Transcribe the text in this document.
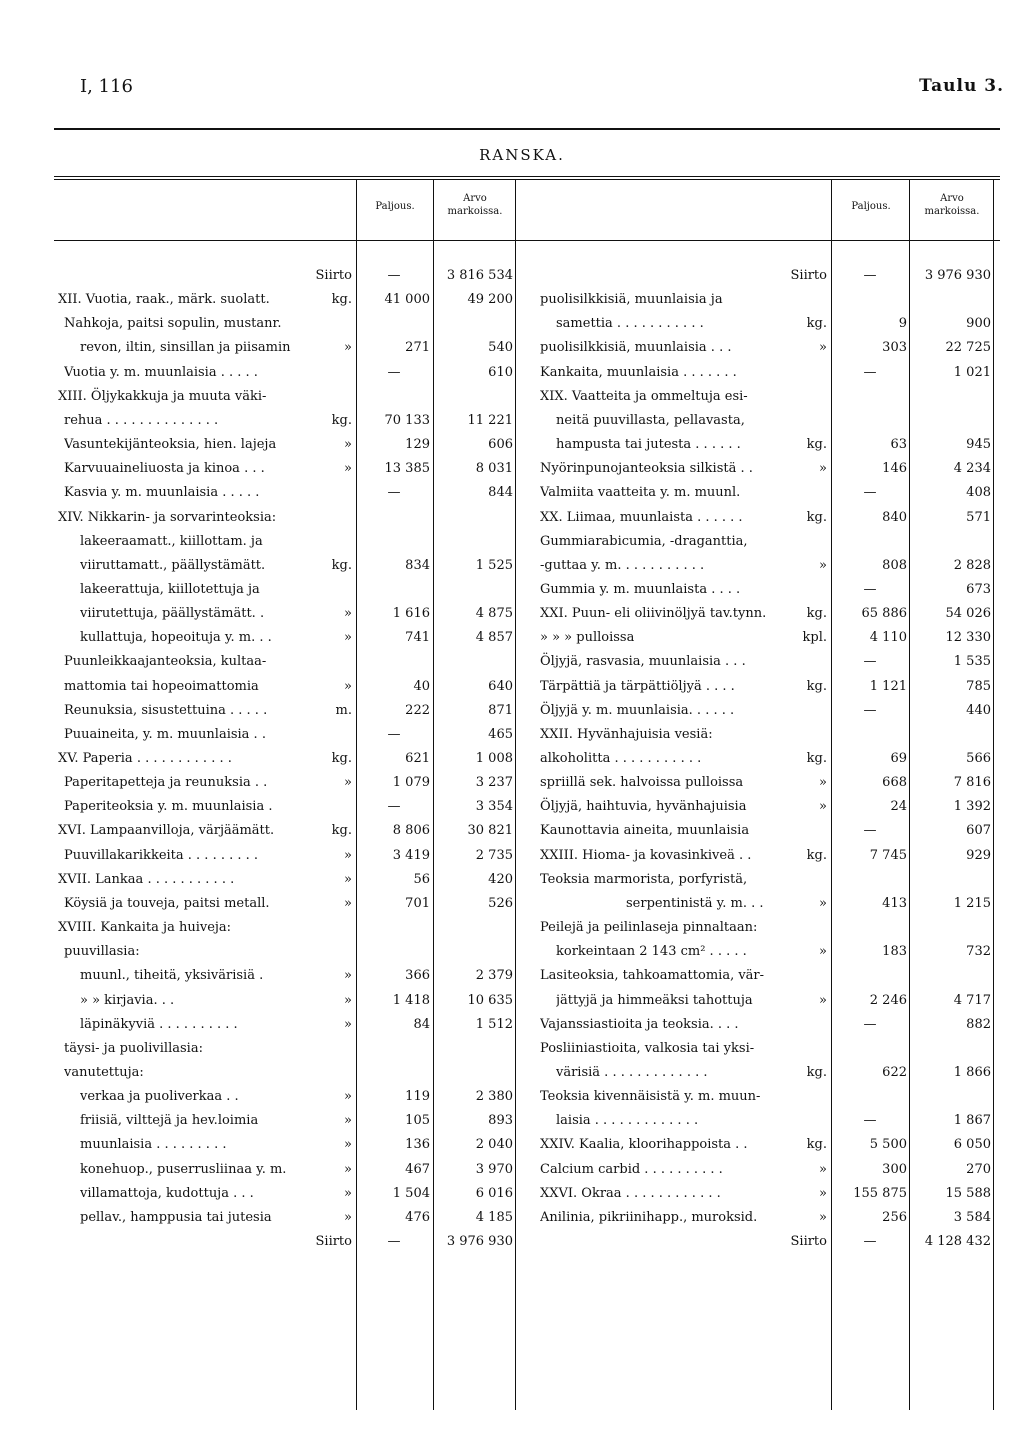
I, 116	Taulu 3.
RANSKA.
Paljous.
Arvo
markoissa.	Paljous.
Arvo
markoissa.
Siirto	—	3 816 534
XII. Vuotia, raak., märk. suolatt.	kg.	41 000	49 200
Nahkoja, paitsi sopulin, mustanr.
revon, iltin, sinsillan ja piisamin	»	271	540
Vuotia y. m. muunlaisia . . . . .	—	610
XIII. Öljykakkuja ja muuta väki-
rehua . . . . . . . . . . . . . .	kg.	70 133	11 221
Vasuntekijänteoksia, hien. lajeja	»	129	606
Karvuuaineliuosta ja kinoa . . .	»	13 385	8 031
Kasvia y. m. muunlaisia . . . . .	—	844
XIV. Nikkarin- ja sorvarinteoksia:
lakeeraamatt., kiillottam. ja
viiruttamatt., päällystämätt.	kg.	834	1 525
lakeerattuja, kiillotettuja ja
viirutettuja, päällystämätt. .	»	1 616	4 875
kullattuja, hopeoituja y. m. . .	»	741	4 857
Puunleikkaajanteoksia, kultaa-
mattomia tai hopeoimattomia	»	40	640
Reunuksia, sisustettuina . . . . .	m.	222	871
Puuaineita, y. m. muunlaisia . .	—	465
XV. Paperia . . . . . . . . . . . .	kg.	621	1 008
Paperitapetteja ja reunuksia . .	»	1 079	3 237
Paperiteoksia y. m. muunlaisia .	—	3 354
XVI. Lampaanvilloja, värjäämätt.	kg.	8 806	30 821
Puuvillakarikkeita . . . . . . . . .	»	3 419	2 735
XVII. Lankaa . . . . . . . . . . .	»	56	420
Köysiä ja touveja, paitsi metall.	»	701	526
XVIII. Kankaita ja huiveja:
puuvillasia:
muunl., tiheitä, yksivärisiä .	»	366	2 379
» » kirjavia. . .	»	1 418	10 635
läpinäkyviä . . . . . . . . . .	»	84	1 512
täysi- ja puolivillasia:
vanutettuja:
verkaa ja puoliverkaa . .	»	119	2 380
friisiä, vilttejä ja hev.loimia	»	105	893
muunlaisia . . . . . . . . .	»	136	2 040
konehuop., puserrusliinaa y. m.	»	467	3 970
villamattoja, kudottuja . . .	»	1 504	6 016
pellav., hamppusia tai jutesia	»	476	4 185
Siirto	—	3 976 930
Siirto	—	3 976 930
puolisilkkisiä, muunlaisia ja
samettia . . . . . . . . . . .	kg.	9	900
puolisilkkisiä, muunlaisia . . .	»	303	22 725
Kankaita, muunlaisia . . . . . . .	—	1 021
XIX. Vaatteita ja ommeltuja esi-
neitä puuvillasta, pellavasta,
hampusta tai jutesta . . . . . .	kg.	63	945
Nyörinpunojanteoksia silkistä . .	»	146	4 234
Valmiita vaatteita y. m. muunl.	—	408
XX. Liimaa, muunlaista . . . . . .	kg.	840	571
Gummiarabicumia, -draganttia,
-guttaa y. m. . . . . . . . . . .	»	808	2 828
Gummia y. m. muunlaista . . . .	—	673
XXI. Puun- eli oliivinöljyä tav.tynn.	kg.	65 886	54 026
» » » pulloissa	kpl.	4 110	12 330
Öljyjä, rasvasia, muunlaisia . . .	—	1 535
Tärpättiä ja tärpättiöljyä . . . .	kg.	1 121	785
Öljyjä y. m. muunlaisia. . . . . .	—	440
XXII. Hyvänhajuisia vesiä:
alkoholitta . . . . . . . . . . .	kg.	69	566
spriillä sek. halvoissa pulloissa	»	668	7 816
Öljyjä, haihtuvia, hyvänhajuisia	»	24	1 392
Kaunottavia aineita, muunlaisia	—	607
XXIII. Hioma- ja kovasinkiveä . .	kg.	7 745	929
Teoksia marmorista, porfyristä,
serpentinistä y. m. . .	»	413	1 215
Peilejä ja peilinlaseja pinnaltaan:
korkeintaan 2 143 cm² . . . . .	»	183	732
Lasiteoksia, tahkoamattomia, vär-
jättyjä ja himmeäksi tahottuja	»	2 246	4 717
Vajanssiastioita ja teoksia. . . .	—	882
Posliiniastioita, valkosia tai yksi-
värisiä . . . . . . . . . . . . .	kg.	622	1 866
Teoksia kivennäisistä y. m. muun-
laisia . . . . . . . . . . . . .	—	1 867
XXIV. Kaalia, kloorihappoista . .	kg.	5 500	6 050
Calcium carbid . . . . . . . . . .	»	300	270
XXVI. Okraa . . . . . . . . . . . .	»	155 875	15 588
Anilinia, pikriinihapp., muroksid.	»	256	3 584
Siirto	—	4 128 432
